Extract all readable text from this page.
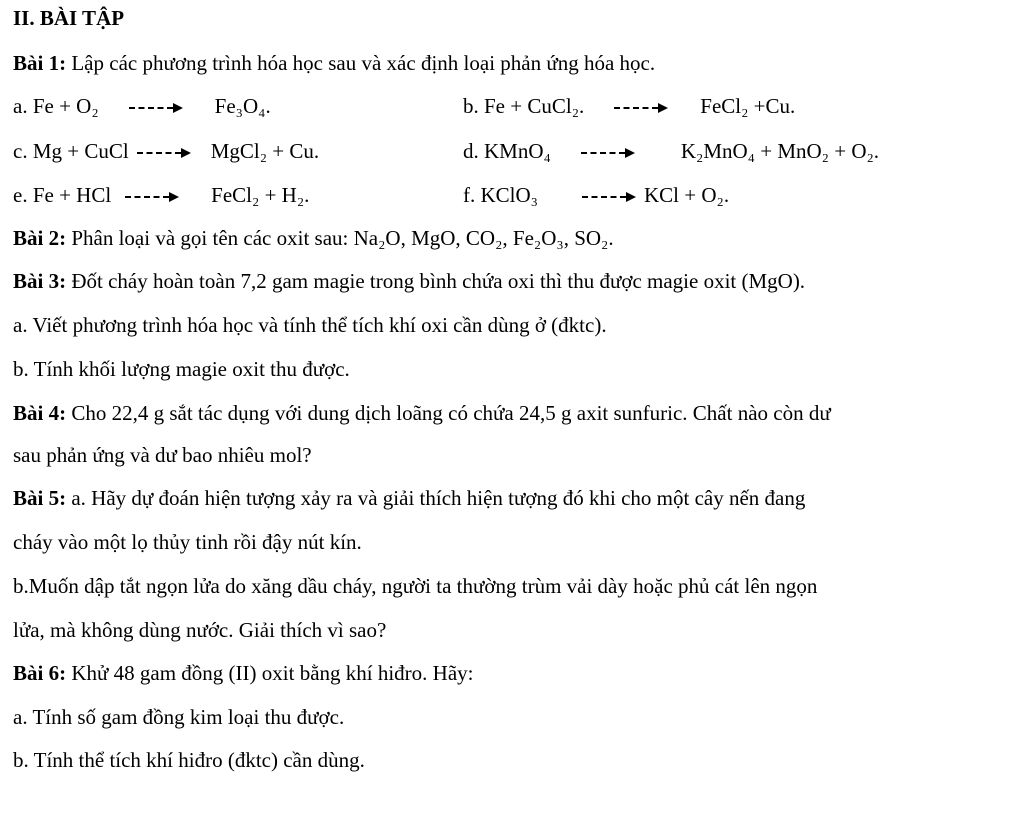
II. BÀI TẬP
Bài 1: Lập các phương trình hóa học sau và xác định loại phản ứng hóa học.
a. Fe + O₂	Fe₃O₄.	b. Fe + CuCl₂.	FeCl₂ +Cu.
c. Mg + CuCl	MgCl₂ + Cu.	d. KMnO₄	K₂MnO₄ + MnO₂ + O₂.
e. Fe + HCl	FeCl₂ + H₂.	f. KClO₃	KCl + O₂.
Bài 2: Phân loại và gọi tên các oxit sau: Na₂O, MgO, CO₂, Fe₂O₃, SO₂.
Bài 3: Đốt cháy hoàn toàn 7,2 gam magie trong bình chứa oxi thì thu được magie oxit (MgO).
a. Viết phương trình hóa học và tính thể tích khí oxi cần dùng ở (đktc).
b. Tính khối lượng magie oxit thu được.
Bài 4: Cho 22,4 g sắt tác dụng với dung dịch loãng có chứa 24,5 g axit sunfuric. Chất nào còn dư
sau phản ứng và dư bao nhiêu mol?
Bài 5: a. Hãy dự đoán hiện tượng xảy ra và giải thích hiện tượng đó khi cho một cây nến đang
cháy vào một lọ thủy tinh rồi đậy nút kín.
b.Muốn dập tắt ngọn lửa do xăng dầu cháy, người ta thường trùm vải dày hoặc phủ cát lên ngọn
lửa, mà không dùng nước. Giải thích vì sao?
Bài 6: Khử 48 gam đồng (II) oxit bằng khí hiđro. Hãy:
a. Tính số gam đồng kim loại thu được.
b. Tính thể tích khí hiđro (đktc) cần dùng.
